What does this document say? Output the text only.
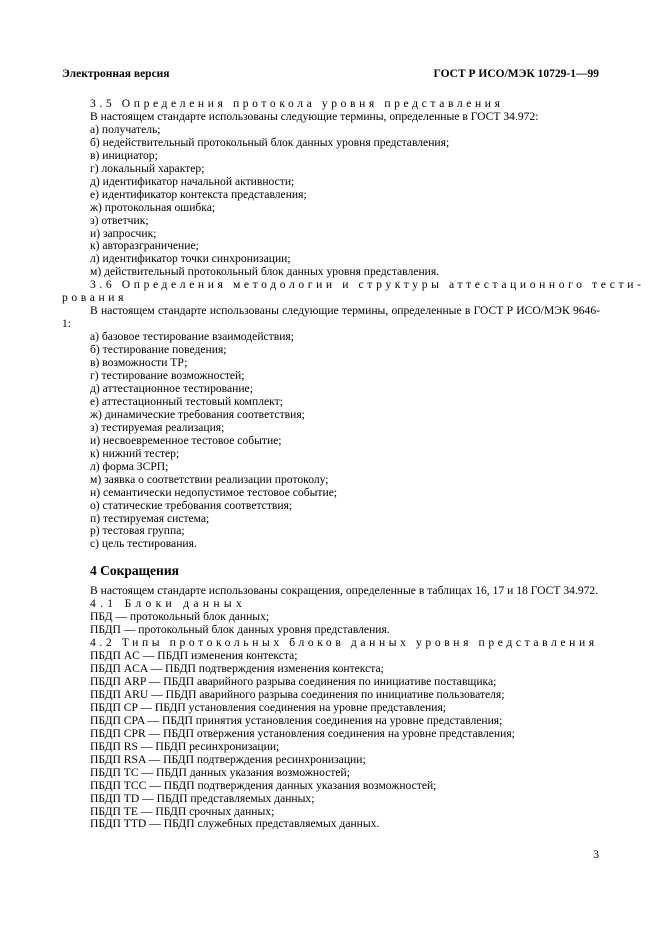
Электронная версия	ГОСТ Р ИСО/МЭК 10729-1—99
3.5 Определения протокола уровня представления
В настоящем стандарте использованы следующие термины, определенные в ГОСТ 34.972:
а) получатель;
б) недействительный протокольный блок данных уровня представления;
в) инициатор;
г) локальный характер;
д) идентификатор начальной активности;
е) идентификатор контекста представления;
ж) протокольная ошибка;
з) ответчик;
и) запросчик;
к) авторазграничение;
л) идентификатор точки синхронизации;
м) действительный протокольный блок данных уровня представления.
3.6 Определения методологии и структуры аттестационного тести-
рования
В настоящем стандарте использованы следующие термины, определенные в ГОСТ Р ИСО/МЭК 9646-1:
а) базовое тестирование взаимодействия;
б) тестирование поведения;
в) возможности ТР;
г) тестирование возможностей;
д) аттестационное тестирование;
е) аттестационный тестовый комплект;
ж) динамические требования соответствия;
з) тестируемая реализация;
и) несвоевременное тестовое событие;
к) нижний тестер;
л) форма ЗСРП;
м) заявка о соответствии реализации протоколу;
н) семантически недопустимое тестовое событие;
о) статические требования соответствия;
п) тестируемая система;
р) тестовая группа;
с) цель тестирования.
4 Сокращения
В настоящем стандарте использованы сокращения, определенные в таблицах 16, 17 и 18 ГОСТ 34.972.
4.1 Блоки данных
ПБД — протокольный блок данных;
ПБДП — протокольный блок данных уровня представления.
4.2 Типы протокольных блоков данных уровня представления
ПБДП AC — ПБДП изменения контекста;
ПБДП ACA — ПБДП подтверждения изменения контекста;
ПБДП ARP — ПБДП аварийного разрыва соединения по инициативе поставщика;
ПБДП ARU — ПБДП аварийного разрыва соединения по инициативе пользователя;
ПБДП CP — ПБДП установления соединения на уровне представления;
ПБДП CPA — ПБДП принятия установления соединения на уровне представления;
ПБДП CPR — ПБДП отвержения установления соединения на уровне представления;
ПБДП RS — ПБДП ресинхронизации;
ПБДП RSA — ПБДП подтверждения ресинхронизации;
ПБДП TC — ПБДП данных указания возможностей;
ПБДП TCC — ПБДП подтверждения данных указания возможностей;
ПБДП TD — ПБДП представляемых данных;
ПБДП TE — ПБДП срочных данных;
ПБДП TTD — ПБДП служебных представляемых данных.
3
